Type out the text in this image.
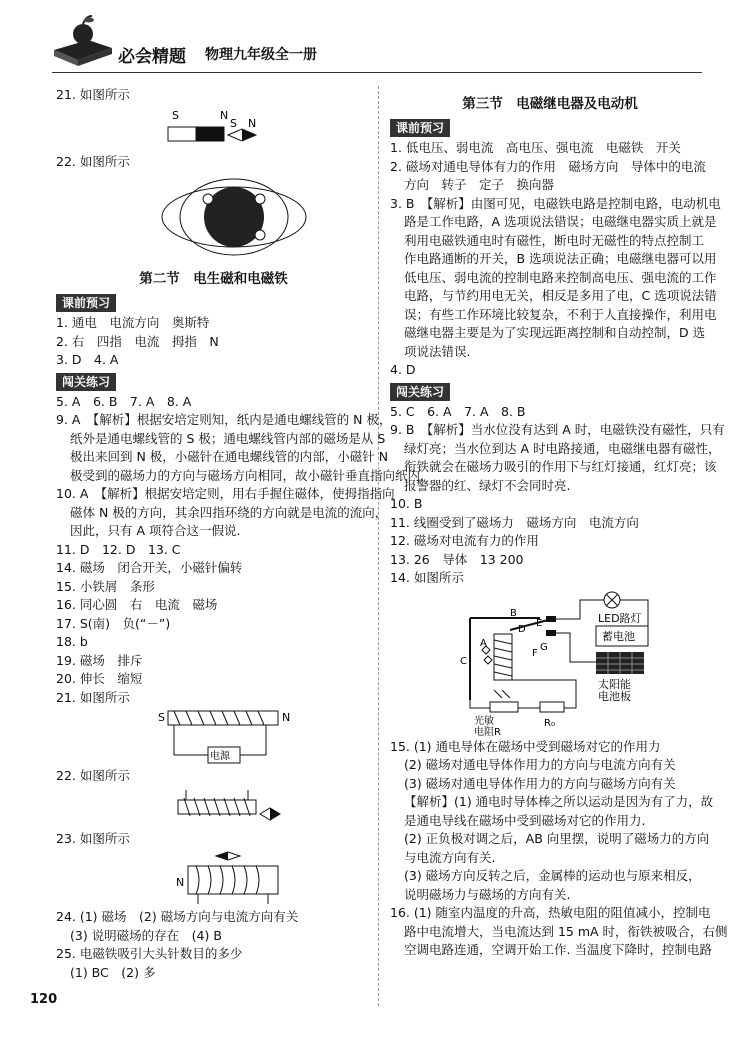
必会精题 物理九年级全一册

21. 如图所示

S	N
S N

22. 如图所示

第二节　电生磁和电磁铁
课前预习

1. 通电　电流方向　奥斯特

2. 右　四指　电流　拇指　N

3. D　4. A

闯关练习

5. A　6. B　7. A　8. A

9. A　【解析】根据安培定则知，纸内是通电螺线管的 N 极，

纸外是通电螺线管的 S 极；通电螺线管内部的磁场是从 S

极出来回到 N 极，小磁针在通电螺线管的内部，小磁针 N

极受到的磁场力的方向与磁场方向相同，故小磁针垂直指向纸内.

10. A　【解析】根据安培定则，用右手握住磁体，使拇指指向

磁体 N 极的方向，其余四指环绕的方向就是电流的流向，

因此，只有 A 项符合这一假说.

11. D　12. D　13. C

14. 磁场　闭合开关，小磁针偏转

15. 小铁屑　条形

16. 同心圆　右　电流　磁场

17. S(南)　负(“－”)

18. b

19. 磁场　排斥

20. 伸长　缩短

21. 如图所示

S	N
电源

22. 如图所示

23. 如图所示

N

24. (1) 磁场　(2) 磁场方向与电流方向有关

(3) 说明磁场的存在　(4) B

25. 电磁铁吸引大头针数目的多少

(1) BC　(2) 多

第三节　电磁继电器及电动机
课前预习

1. 低电压、弱电流　高电压、强电流　电磁铁　开关

2. 磁场对通电导体有力的作用　磁场方向　导体中的电流

方向　转子　定子　换向器

3. B　【解析】由图可见，电磁铁电路是控制电路，电动机电

路是工作电路，A 选项说法错误；电磁继电器实质上就是

利用电磁铁通电时有磁性，断电时无磁性的特点控制工

作电路通断的开关，B 选项说法正确；电磁继电器可以用

低电压、弱电流的控制电路来控制高电压、强电流的工作

电路，与节约用电无关，相反是多用了电，C 选项说法错

误；有些工作环境比较复杂，不利于人直接操作，利用电

磁继电器主要是为了实现远距离控制和自动控制，D 选

项说法错误.

4. D

闯关练习

5. C　6. A　7. A　8. B

9. B　【解析】当水位没有达到 A 时，电磁铁没有磁性，只有

绿灯亮；当水位到达 A 时电路接通，电磁继电器有磁性，

衔铁就会在磁场力吸引的作用下与红灯接通，红灯亮；该

报警器的红、绿灯不会同时亮.

10. B

11. 线圈受到了磁场力　磁场方向　电流方向

12. 磁场对电流有力的作用

13. 26　导体　13 200

14. 如图所示

B
C
A
D
F
E
G
LED路灯
蓄电池
太阳能
电池板
R₀
光敏
电阻R

15. (1) 通电导体在磁场中受到磁场对它的作用力

(2) 磁场对通电导体作用力的方向与电流方向有关

(3) 磁场对通电导体作用力的方向与磁场方向有关

【解析】(1) 通电时导体棒之所以运动是因为有了力，故

是通电导线在磁场中受到磁场对它的作用力.

(2) 正负极对调之后，AB 向里摆，说明了磁场力的方向

与电流方向有关.

(3) 磁场方向反转之后，金属棒的运动也与原来相反，

说明磁场力与磁场的方向有关.

16. (1) 随室内温度的升高，热敏电阻的阻值减小，控制电

路中电流增大，当电流达到 15 mA 时，衔铁被吸合，右侧

空调电路连通，空调开始工作. 当温度下降时，控制电路

120
